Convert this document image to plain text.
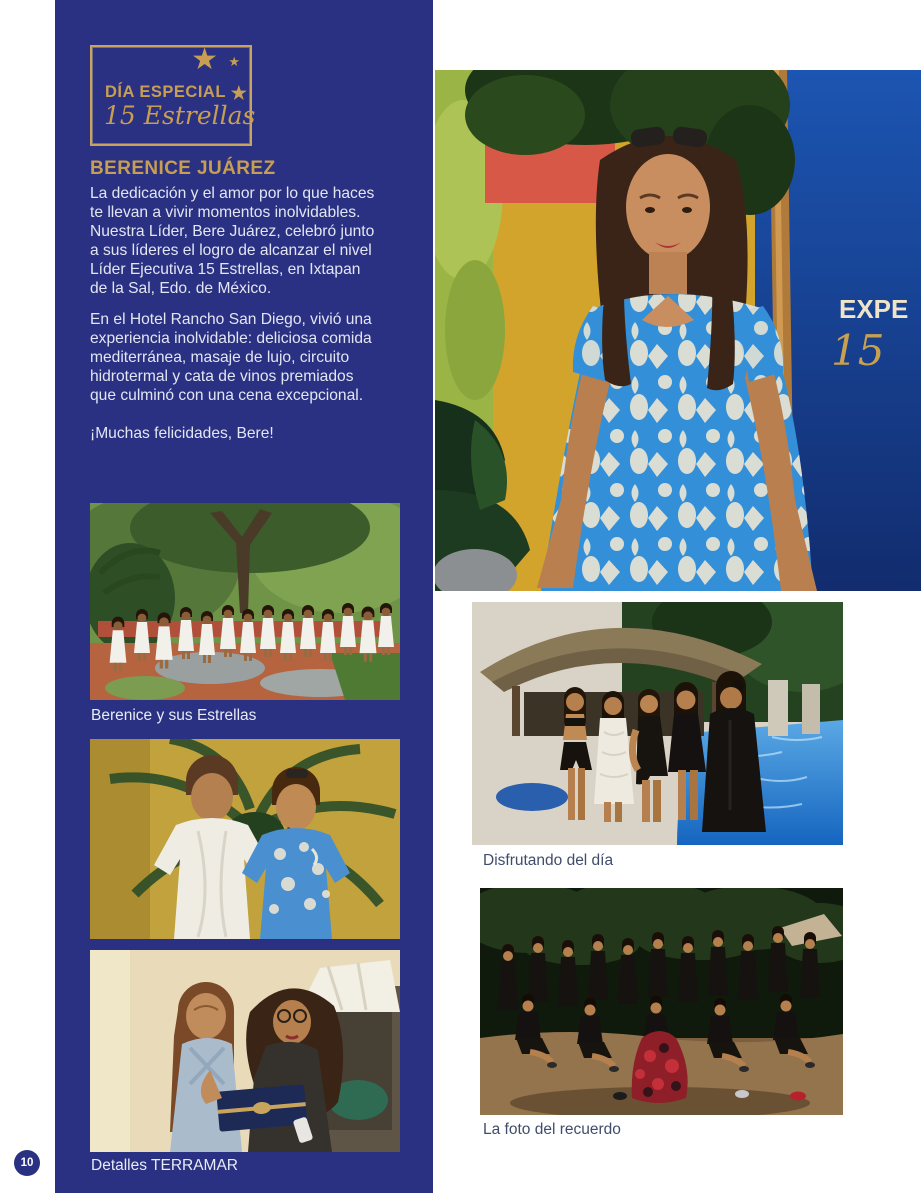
★ ★
DÍA ESPECIAL ★
15 Estrellas
BERENICE JUÁREZ
La dedicación y el amor por lo que haces
te llevan a vivir momentos inolvidables.
Nuestra Líder, Bere Juárez, celebró junto
a sus líderes el logro de alcanzar el nivel
Líder Ejecutiva 15 Estrellas, en Ixtapan
de la Sal, Edo. de México.
En el Hotel Rancho San Diego, vivió una
experiencia inolvidable: deliciosa comida
mediterránea, masaje de lujo, circuito
hidrotermal y cata de vinos premiados
que culminó con una cena excepcional.
¡Muchas felicidades, Bere!
EXPE
15
Berenice y sus Estrellas
Detalles TERRAMAR
Disfrutando del día
La foto del recuerdo
10
